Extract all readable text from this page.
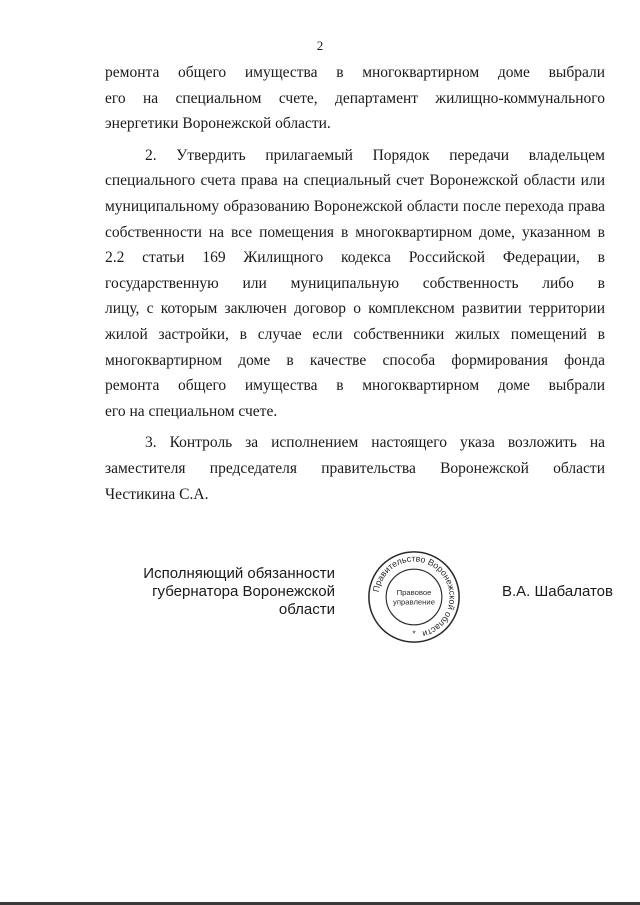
2
ремонта общего имущества в многоквартирном доме выбрали
его на специальном счете, департамент жилищно-коммунального
энергетики Воронежской области.
2. Утвердить прилагаемый Порядок передачи владельцем
специального счета права на специальный счет Воронежской области или
муниципальному образованию Воронежской области после перехода права
собственности на все помещения в многоквартирном доме, указанном в
2.2 статьи 169 Жилищного кодекса Российской Федерации, в
государственную или муниципальную собственность либо в
лицу, с которым заключен договор о комплексном развитии территории
жилой застройки, в случае если собственники жилых помещений в
многоквартирном доме в качестве способа формирования фонда
ремонта общего имущества в многоквартирном доме выбрали
его на специальном счете.
3. Контроль за исполнением настоящего указа возложить на
заместителя председателя правительства Воронежской области
Честикина С.А.
Исполняющий обязанности
губернатора Воронежской области
В.А. Шабалатов
Правительство Воронежской области
Правовое
управление
*
